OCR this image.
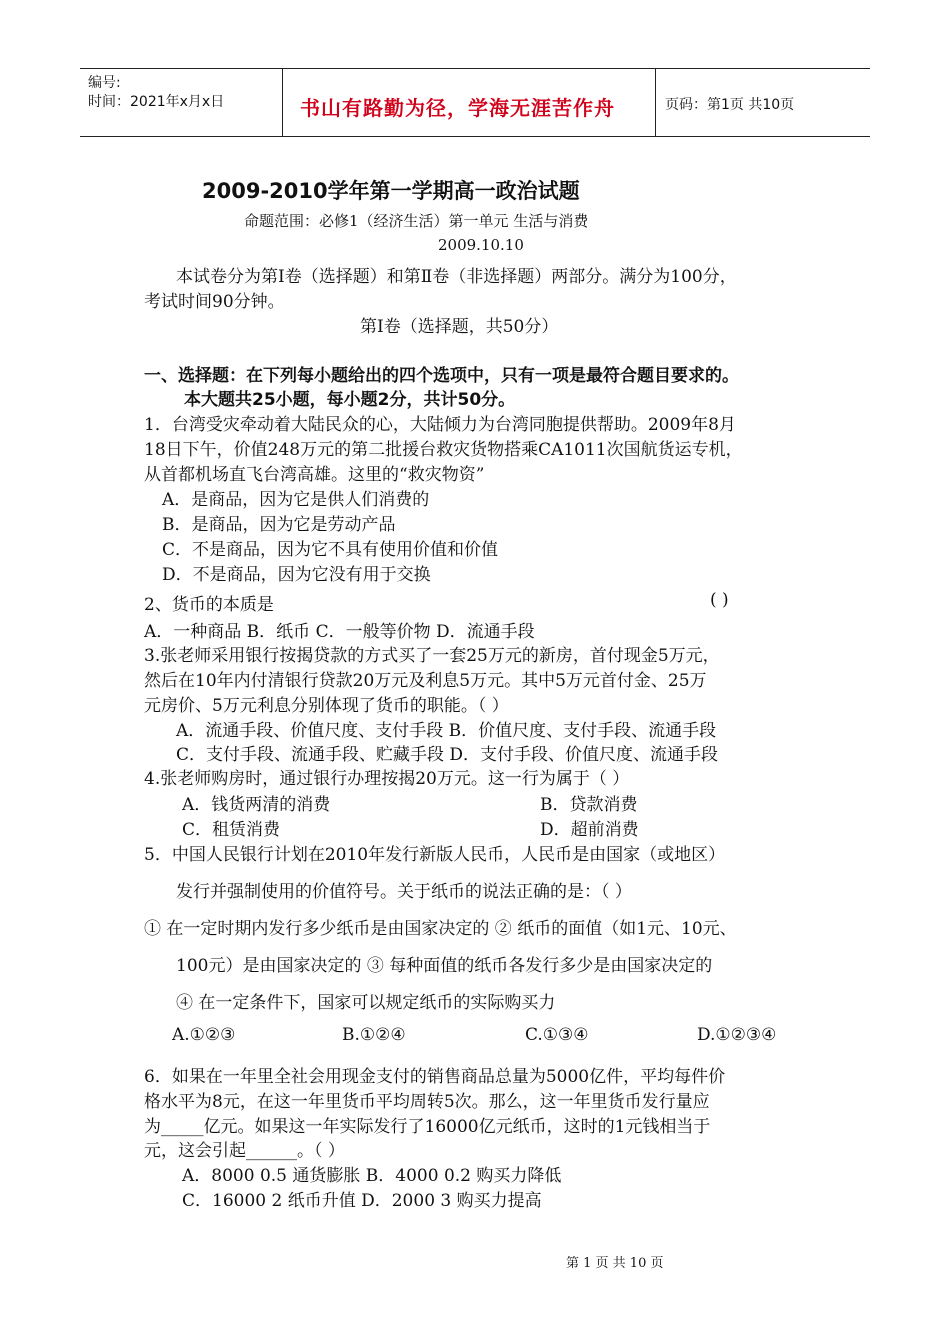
编号:
时间：2021年x月x日	书山有路勤为径，学海无涯苦作舟	页码：第1页 共10页
2009-2010学年第一学期高一政治试题
命题范围：必修1（经济生活）第一单元 生活与消费
2009.10.10
本试卷分为第Ⅰ卷（选择题）和第Ⅱ卷（非选择题）两部分。满分为100分，
考试时间90分钟。
第Ⅰ卷（选择题，共50分）
一、选择题：在下列每小题给出的四个选项中，只有一项是最符合题目要求的。
本大题共25小题，每小题2分，共计50分。
1．台湾受灾牵动着大陆民众的心，大陆倾力为台湾同胞提供帮助。2009年8月
18日下午，价值248万元的第二批援台救灾货物搭乘CA1011次国航货运专机，
从首都机场直飞台湾高雄。这里的“救灾物资”
A．是商品，因为它是供人们消费的
B．是商品，因为它是劳动产品
C．不是商品，因为它不具有使用价值和价值
D．不是商品，因为它没有用于交换
2、货币的本质是	( )
A．一种商品 B．纸币 C．一般等价物 D．流通手段
3.张老师采用银行按揭贷款的方式买了一套25万元的新房，首付现金5万元，
然后在10年内付清银行贷款20万元及利息5万元。其中5万元首付金、25万
元房价、5万元利息分别体现了货币的职能。（ ）
A．流通手段、价值尺度、支付手段 B．价值尺度、支付手段、流通手段
C．支付手段、流通手段、贮藏手段 D．支付手段、价值尺度、流通手段
4.张老师购房时，通过银行办理按揭20万元。这一行为属于（ ）
A．钱货两清的消费	B．贷款消费
C．租赁消费	D．超前消费
5．中国人民银行计划在2010年发行新版人民币，人民币是由国家（或地区）
发行并强制使用的价值符号。关于纸币的说法正确的是：（ ）
① 在一定时期内发行多少纸币是由国家决定的 ② 纸币的面值（如1元、10元、
100元）是由国家决定的 ③ 每种面值的纸币各发行多少是由国家决定的
④ 在一定条件下，国家可以规定纸币的实际购买力
A.①②③	B.①②④	C.①③④	D.①②③④
6．如果在一年里全社会用现金支付的销售商品总量为5000亿件，平均每件价
格水平为8元，在这一年里货币平均周转5次。那么，这一年里货币发行量应
为_____亿元。如果这一年实际发行了16000亿元纸币，这时的1元钱相当于
元，这会引起______。（ ）
A．8000 0.5 通货膨胀 B．4000 0.2 购买力降低
C．16000 2 纸币升值 D．2000 3 购买力提高
第 1 页 共 10 页
